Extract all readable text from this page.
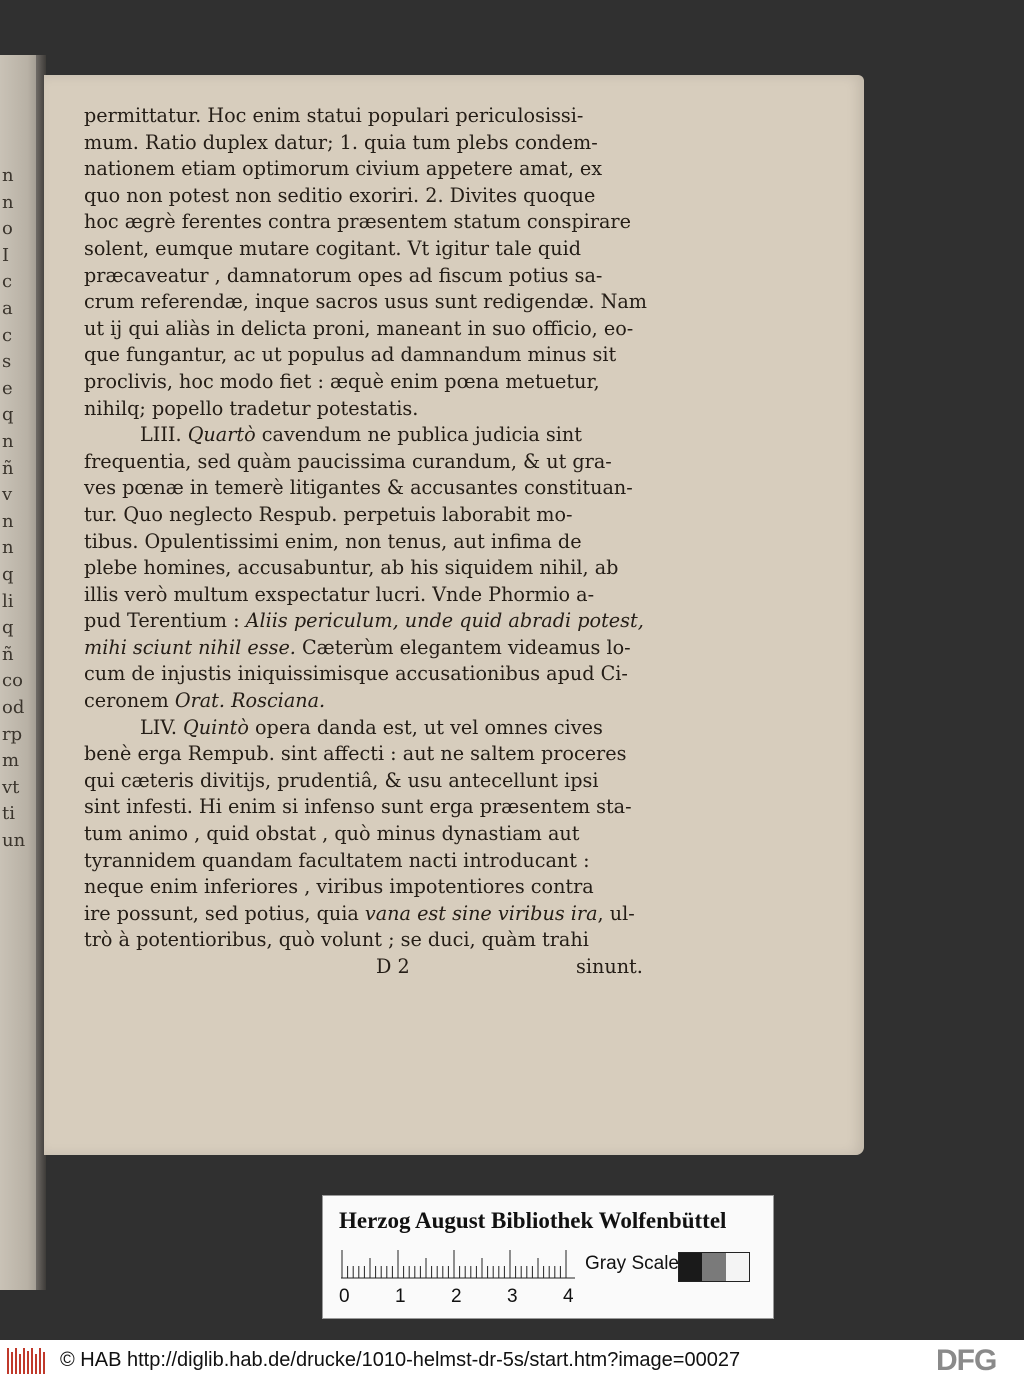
n
n
o
I
c
a
c
s
e
q
n
ñ
v
n
n
q
li
q
ñ
co
od
rp
m
vt
ti
un
permittatur. Hoc enim statui populari periculosissi-
mum. Ratio duplex datur; 1. quia tum plebs condem-
nationem etiam optimorum civium appetere amat, ex
quo non potest non seditio exoriri. 2. Divites quoque
hoc ægrè ferentes contra præsentem statum conspirare
solent, eumque mutare cogitant. Vt igitur tale quid
præcaveatur , damnatorum opes ad fiscum potius sa-
crum referendæ, inque sacros usus sunt redigendæ. Nam
ut ij qui aliàs in delicta proni, maneant in suo officio, eo-
que fungantur, ac ut populus ad damnandum minus sit
proclivis, hoc modo fiet : æquè enim pœna metuetur,
nihilq; popello tradetur potestatis.
LIII. Quartò cavendum ne publica judicia sint
frequentia, sed quàm paucissima curandum, & ut gra-
ves pœnæ in temerè litigantes & accusantes constituan-
tur. Quo neglecto Respub. perpetuis laborabit mo-
tibus. Opulentissimi enim, non tenus, aut infima de
plebe homines, accusabuntur, ab his siquidem nihil, ab
illis verò multum exspectatur lucri. Vnde Phormio a-
pud Terentium : Aliis periculum, unde quid abradi potest,
mihi sciunt nihil esse. Cæterùm elegantem videamus lo-
cum de injustis iniquissimisque accusationibus apud Ci-
ceronem Orat. Rosciana.
LIV. Quintò opera danda est, ut vel omnes cives
benè erga Rempub. sint affecti : aut ne saltem proceres
qui cæteris divitijs, prudentiâ, & usu antecellunt ipsi
sint infesti. Hi enim si infenso sunt erga præsentem sta-
tum animo , quid obstat , quò minus dynastiam aut
tyrannidem quandam facultatem nacti introducant :
neque enim inferiores , viribus impotentiores contra
ire possunt, sed potius, quia vana est sine viribus ira, ul-
trò à potentioribus, quò volunt ; se duci, quàm trahi
D 2	sinunt.
Herzog August Bibliothek Wolfenbüttel
Gray Scale
0 1 2 3 4
© HAB http://diglib.hab.de/drucke/1010-helmst-dr-5s/start.htm?image=00027	DFG
